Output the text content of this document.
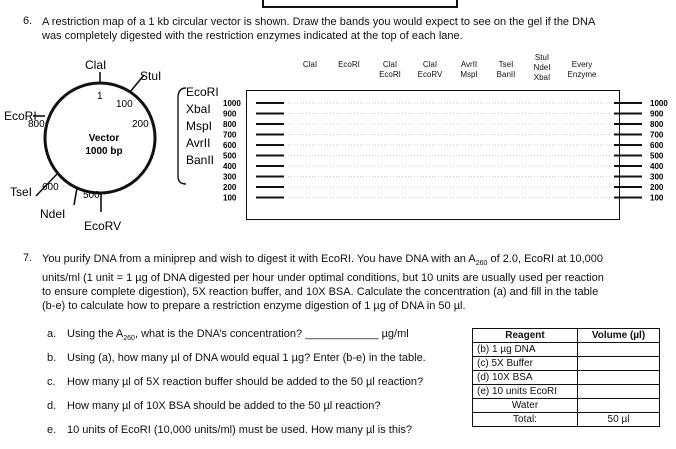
6. A restriction map of a 1 kb circular vector is shown. Draw the bands you would expect to see on the gel if the DNA
was completely digested with the restriction enzymes indicated at the top of each lane.
ClaI
StuI
EcoRI
TseI
NdeI
EcoRV
1
100
200
800
600
500
Vector
1000 bp
EcoRI
XbaI
MspI
AvrII
BanII
ClaI	EcoRI	ClaI
EcoRI
ClaI
EcoRV
AvrII
MspI
TseI
BanII
StuI
NdeI
XbaI
Every
Enzyme
1000	1000
900	900
800	800
700	700
600	600
500	500
400	400
300	300
200	200
100	100
7. You purify DNA from a miniprep and wish to digest it with EcoRI. You have DNA with an $A_{260}$ of 2.0, EcoRI at 10,000
units/ml (1 unit = 1 µg of DNA digested per hour under optimal conditions, but 10 units are usually used per reaction
to ensure complete digestion), 5X reaction buffer, and 10X BSA. Calculate the concentration (a) and fill in the table
(b-e) to calculate how to prepare a restriction enzyme digestion of 1 µg of DNA in 50 µl.
a. Using the $A_{260}$, what is the DNA’s concentration? ____________ µg/ml
b. Using (a), how many µl of DNA would equal 1 µg? Enter (b-e) in the table.
c. How many µl of 5X reaction buffer should be added to the 50 µl reaction?
d. How many µl of 10X BSA should be added to the 50 µl reaction?
e. 10 units of EcoRI (10,000 units/ml) must be used. How many µl is this?
Reagent	Volume (µl)
(b) 1 µg DNA	
(c) 5X Buffer	
(d) 10X BSA	
(e) 10 units EcoRI	
Water	
Total:	50 µl
